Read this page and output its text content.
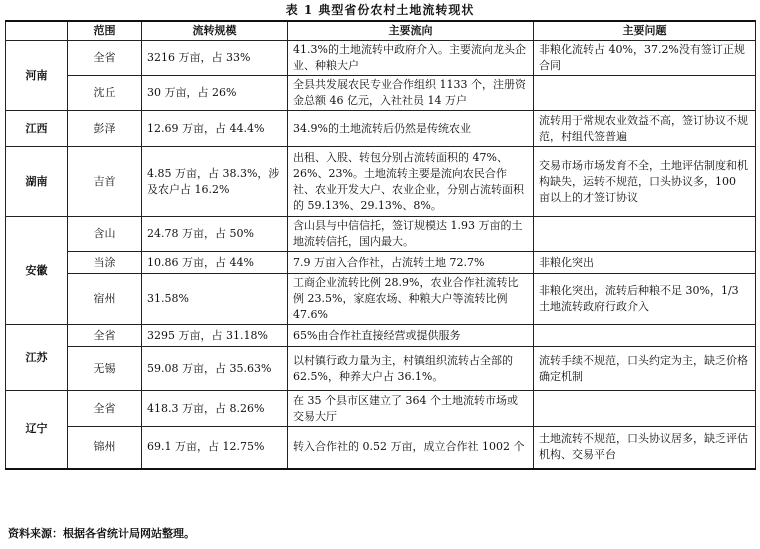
表 1 典型省份农村土地流转现状
	范围	流转规模	主要流向	主要问题
河南	全省	3216 万亩，占 33%	41.3%的土地流转中政府介入。主要流向龙头企业、种粮大户	非粮化流转占 40%，37.2%没有签订正规合同
	沈丘	30 万亩，占 26%	全县共发展农民专业合作组织 1133 个，注册资金总额 46 亿元，入社社员 14 万户	
江西	彭泽	12.69 万亩，占 44.4%	34.9%的土地流转后仍然是传统农业	流转用于常规农业效益不高，签订协议不规范，村组代签普遍
湖南	吉首	4.85 万亩，占 38.3%，涉及农户占 16.2%	出租、入股、转包分别占流转面积的 47%、26%、23%。土地流转主要是流向农民合作社、农业开发大户、农业企业，分别占流转面积的 59.13%、29.13%、8%。	交易市场市场发育不全，土地评估制度和机构缺失，运转不规范，口头协议多，100 亩以上的才签订协议
安徽	含山	24.78 万亩，占 50%	含山县与中信信托，签订规模达 1.93 万亩的土地流转信托，国内最大。	
	当涂	10.86 万亩，占 44%	7.9 万亩入合作社，占流转土地 72.7%	非粮化突出
	宿州	31.58%	工商企业流转比例 28.9%，农业合作社流转比例 23.5%，家庭农场、种粮大户等流转比例 47.6%	非粮化突出，流转后种粮不足 30%，1/3 土地流转政府行政介入
江苏	全省	3295 万亩，占 31.18%	65%由合作社直接经营或提供服务	
	无锡	59.08 万亩，占 35.63%	以村镇行政力量为主，村镇组织流转占全部的 62.5%，种养大户占 36.1%。	流转手续不规范，口头约定为主，缺乏价格确定机制
辽宁	全省	418.3 万亩，占 8.26%	在 35 个县市区建立了 364 个土地流转市场或交易大厅	
	锦州	69.1 万亩，占 12.75%	转入合作社的 0.52 万亩，成立合作社 1002 个	土地流转不规范，口头协议居多，缺乏评估机构、交易平台
资料来源：根据各省统计局网站整理。
